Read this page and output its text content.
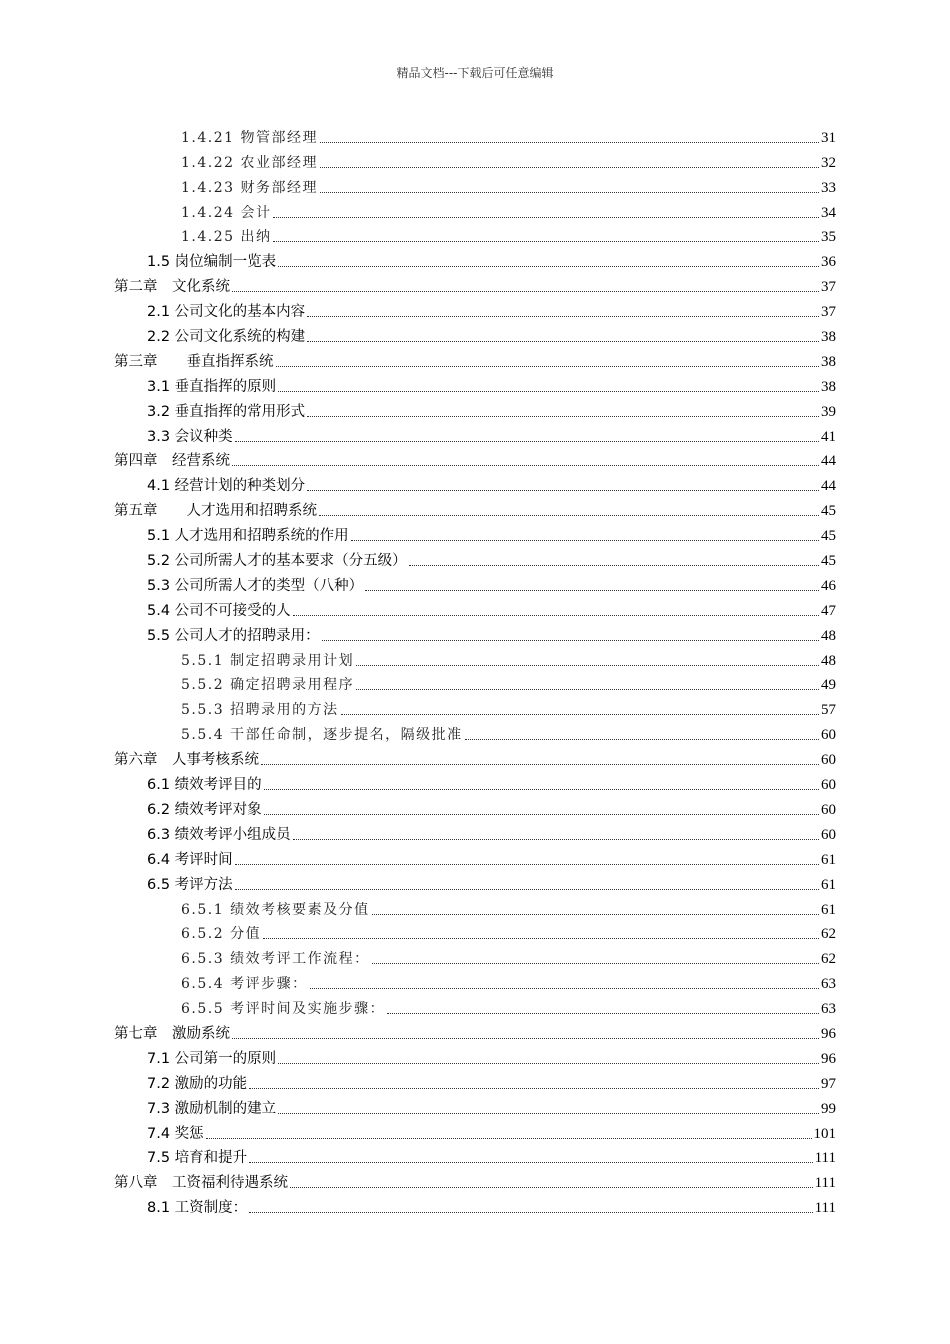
精品文档---下载后可任意编辑
1.4.21 物管部经理	31
1.4.22 农业部经理	32
1.4.23 财务部经理	33
1.4.24 会计	34
1.4.25 出纳	35
1.5 岗位编制一览表	36
第二章　文化系统	37
2.1 公司文化的基本内容	37
2.2 公司文化系统的构建	38
第三章　　垂直指挥系统	38
3.1 垂直指挥的原则	38
3.2 垂直指挥的常用形式	39
3.3 会议种类	41
第四章　经营系统	44
4.1 经营计划的种类划分	44
第五章　　人才选用和招聘系统	45
5.1 人才选用和招聘系统的作用	45
5.2 公司所需人才的基本要求（分五级）	45
5.3 公司所需人才的类型（八种）	46
5.4 公司不可接受的人	47
5.5 公司人才的招聘录用：	48
5.5.1 制定招聘录用计划	48
5.5.2 确定招聘录用程序	49
5.5.3 招聘录用的方法	57
5.5.4 干部任命制，逐步提名，隔级批准	60
第六章　人事考核系统	60
6.1 绩效考评目的	60
6.2 绩效考评对象	60
6.3 绩效考评小组成员	60
6.4 考评时间	61
6.5 考评方法	61
6.5.1 绩效考核要素及分值	61
6.5.2 分值	62
6.5.3 绩效考评工作流程：	62
6.5.4 考评步骤：	63
6.5.5 考评时间及实施步骤：	63
第七章　激励系统	96
7.1 公司第一的原则	96
7.2 激励的功能	97
7.3 激励机制的建立	99
7.4 奖惩	101
7.5 培育和提升	111
第八章　工资福利待遇系统	111
8.1 工资制度：	111
